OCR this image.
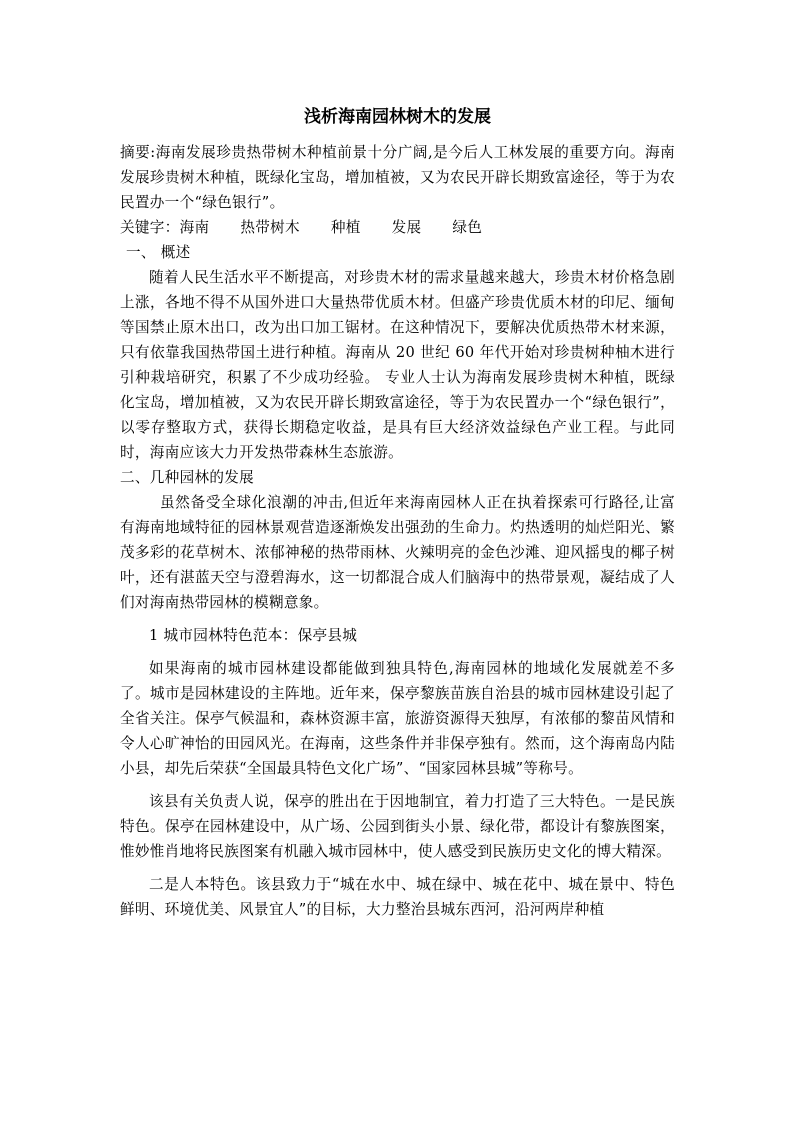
浅析海南园林树木的发展

摘要:海南发展珍贵热带树木种植前景十分广阔,是今后人工林发展的重要方向。海南发展珍贵树木种植，既绿化宝岛，增加植被，又为农民开辟长期致富途径，等于为农民置办一个“绿色银行”。

关键字：海南 热带树木 种植 发展 绿色

一、 概述

随着人民生活水平不断提高，对珍贵木材的需求量越来越大，珍贵木材价格急剧上涨，各地不得不从国外进口大量热带优质木材。但盛产珍贵优质木材的印尼、缅甸等国禁止原木出口，改为出口加工锯材。在这种情况下，要解决优质热带木材来源，只有依靠我国热带国土进行种植。海南从 20 世纪 60 年代开始对珍贵树种柚木进行引种栽培研究，积累了不少成功经验。 专业人士认为海南发展珍贵树木种植，既绿化宝岛，增加植被，又为农民开辟长期致富途径，等于为农民置办一个“绿色银行”，以零存整取方式，获得长期稳定收益，是具有巨大经济效益绿色产业工程。与此同时，海南应该大力开发热带森林生态旅游。

二、几种园林的发展

虽然备受全球化浪潮的冲击,但近年来海南园林人正在执着探索可行路径,让富有海南地域特征的园林景观营造逐渐焕发出强劲的生命力。灼热透明的灿烂阳光、繁茂多彩的花草树木、浓郁神秘的热带雨林、火辣明亮的金色沙滩、迎风摇曳的椰子树叶，还有湛蓝天空与澄碧海水，这一切都混合成人们脑海中的热带景观，凝结成了人们对海南热带园林的模糊意象。

1 城市园林特色范本：保亭县城

如果海南的城市园林建设都能做到独具特色,海南园林的地域化发展就差不多了。城市是园林建设的主阵地。近年来，保亭黎族苗族自治县的城市园林建设引起了全省关注。保亭气候温和，森林资源丰富，旅游资源得天独厚，有浓郁的黎苗风情和令人心旷神怡的田园风光。在海南，这些条件并非保亭独有。然而，这个海南岛内陆小县，却先后荣获“全国最具特色文化广场”、“国家园林县城”等称号。

该县有关负责人说，保亭的胜出在于因地制宜，着力打造了三大特色。一是民族特色。保亭在园林建设中，从广场、公园到街头小景、绿化带，都设计有黎族图案，惟妙惟肖地将民族图案有机融入城市园林中，使人感受到民族历史文化的博大精深。

二是人本特色。该县致力于“城在水中、城在绿中、城在花中、城在景中、特色鲜明、环境优美、风景宜人”的目标，大力整治县城东西河，沿河两岸种植
